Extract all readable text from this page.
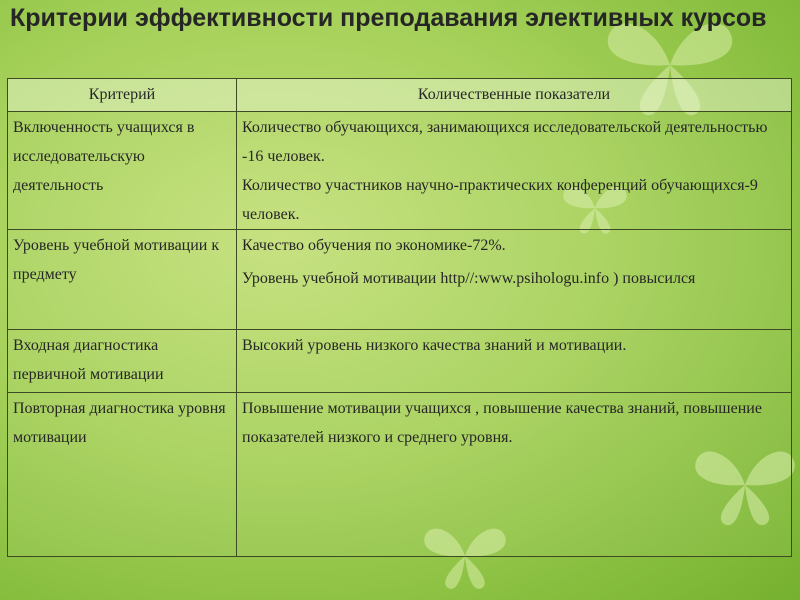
Критерии эффективности преподавания элективных курсов
Критерий	Количественные показатели
Включенность учащихся в исследовательскую деятельность	Количество обучающихся, занимающихся исследовательской деятельностью -16 человек.
Количество участников научно-практических конференций обучающихся-9 человек.

Уровень учебной мотивации к предмету	Качество обучения по экономике-72%.
Уровень учебной мотивации http//:www.psihologu.info ) повысился

Входная диагностика первичной мотивации	Высокий уровень низкого качества знаний и мотивации.

Повторная диагностика уровня мотивации	Повышение мотивации учащихся , повышение качества знаний, повышение показателей низкого и среднего уровня.
